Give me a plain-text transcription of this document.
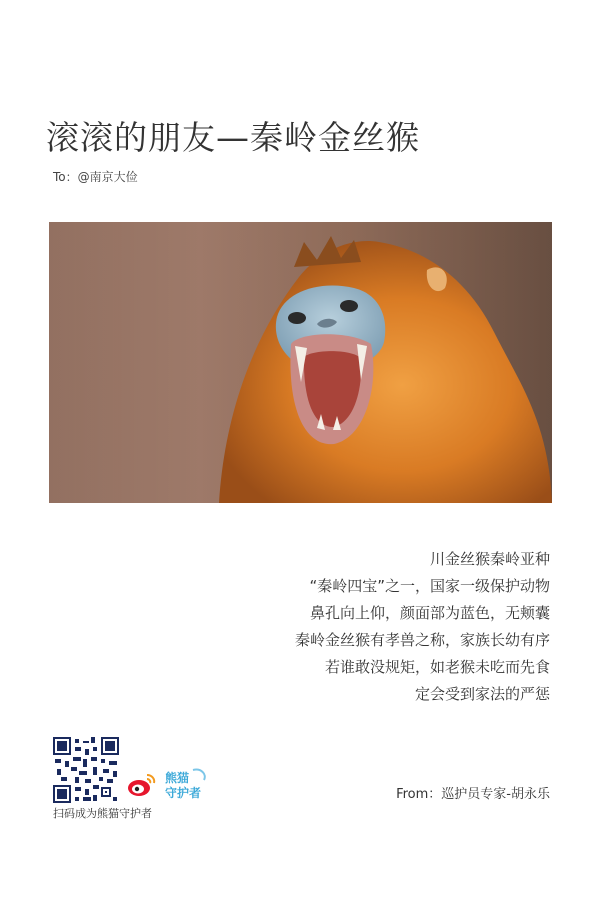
滚滚的朋友—秦岭金丝猴
To：@南京大俭
川金丝猴秦岭亚种
“秦岭四宝”之一，国家一级保护动物
鼻孔向上仰，颜面部为蓝色，无颊囊
秦岭金丝猴有孝兽之称，家族长幼有序
若谁敢没规矩，如老猴未吃而先食
定会受到家法的严惩
扫码成为熊猫守护者
熊猫
守护者	From：巡护员专家-胡永乐
